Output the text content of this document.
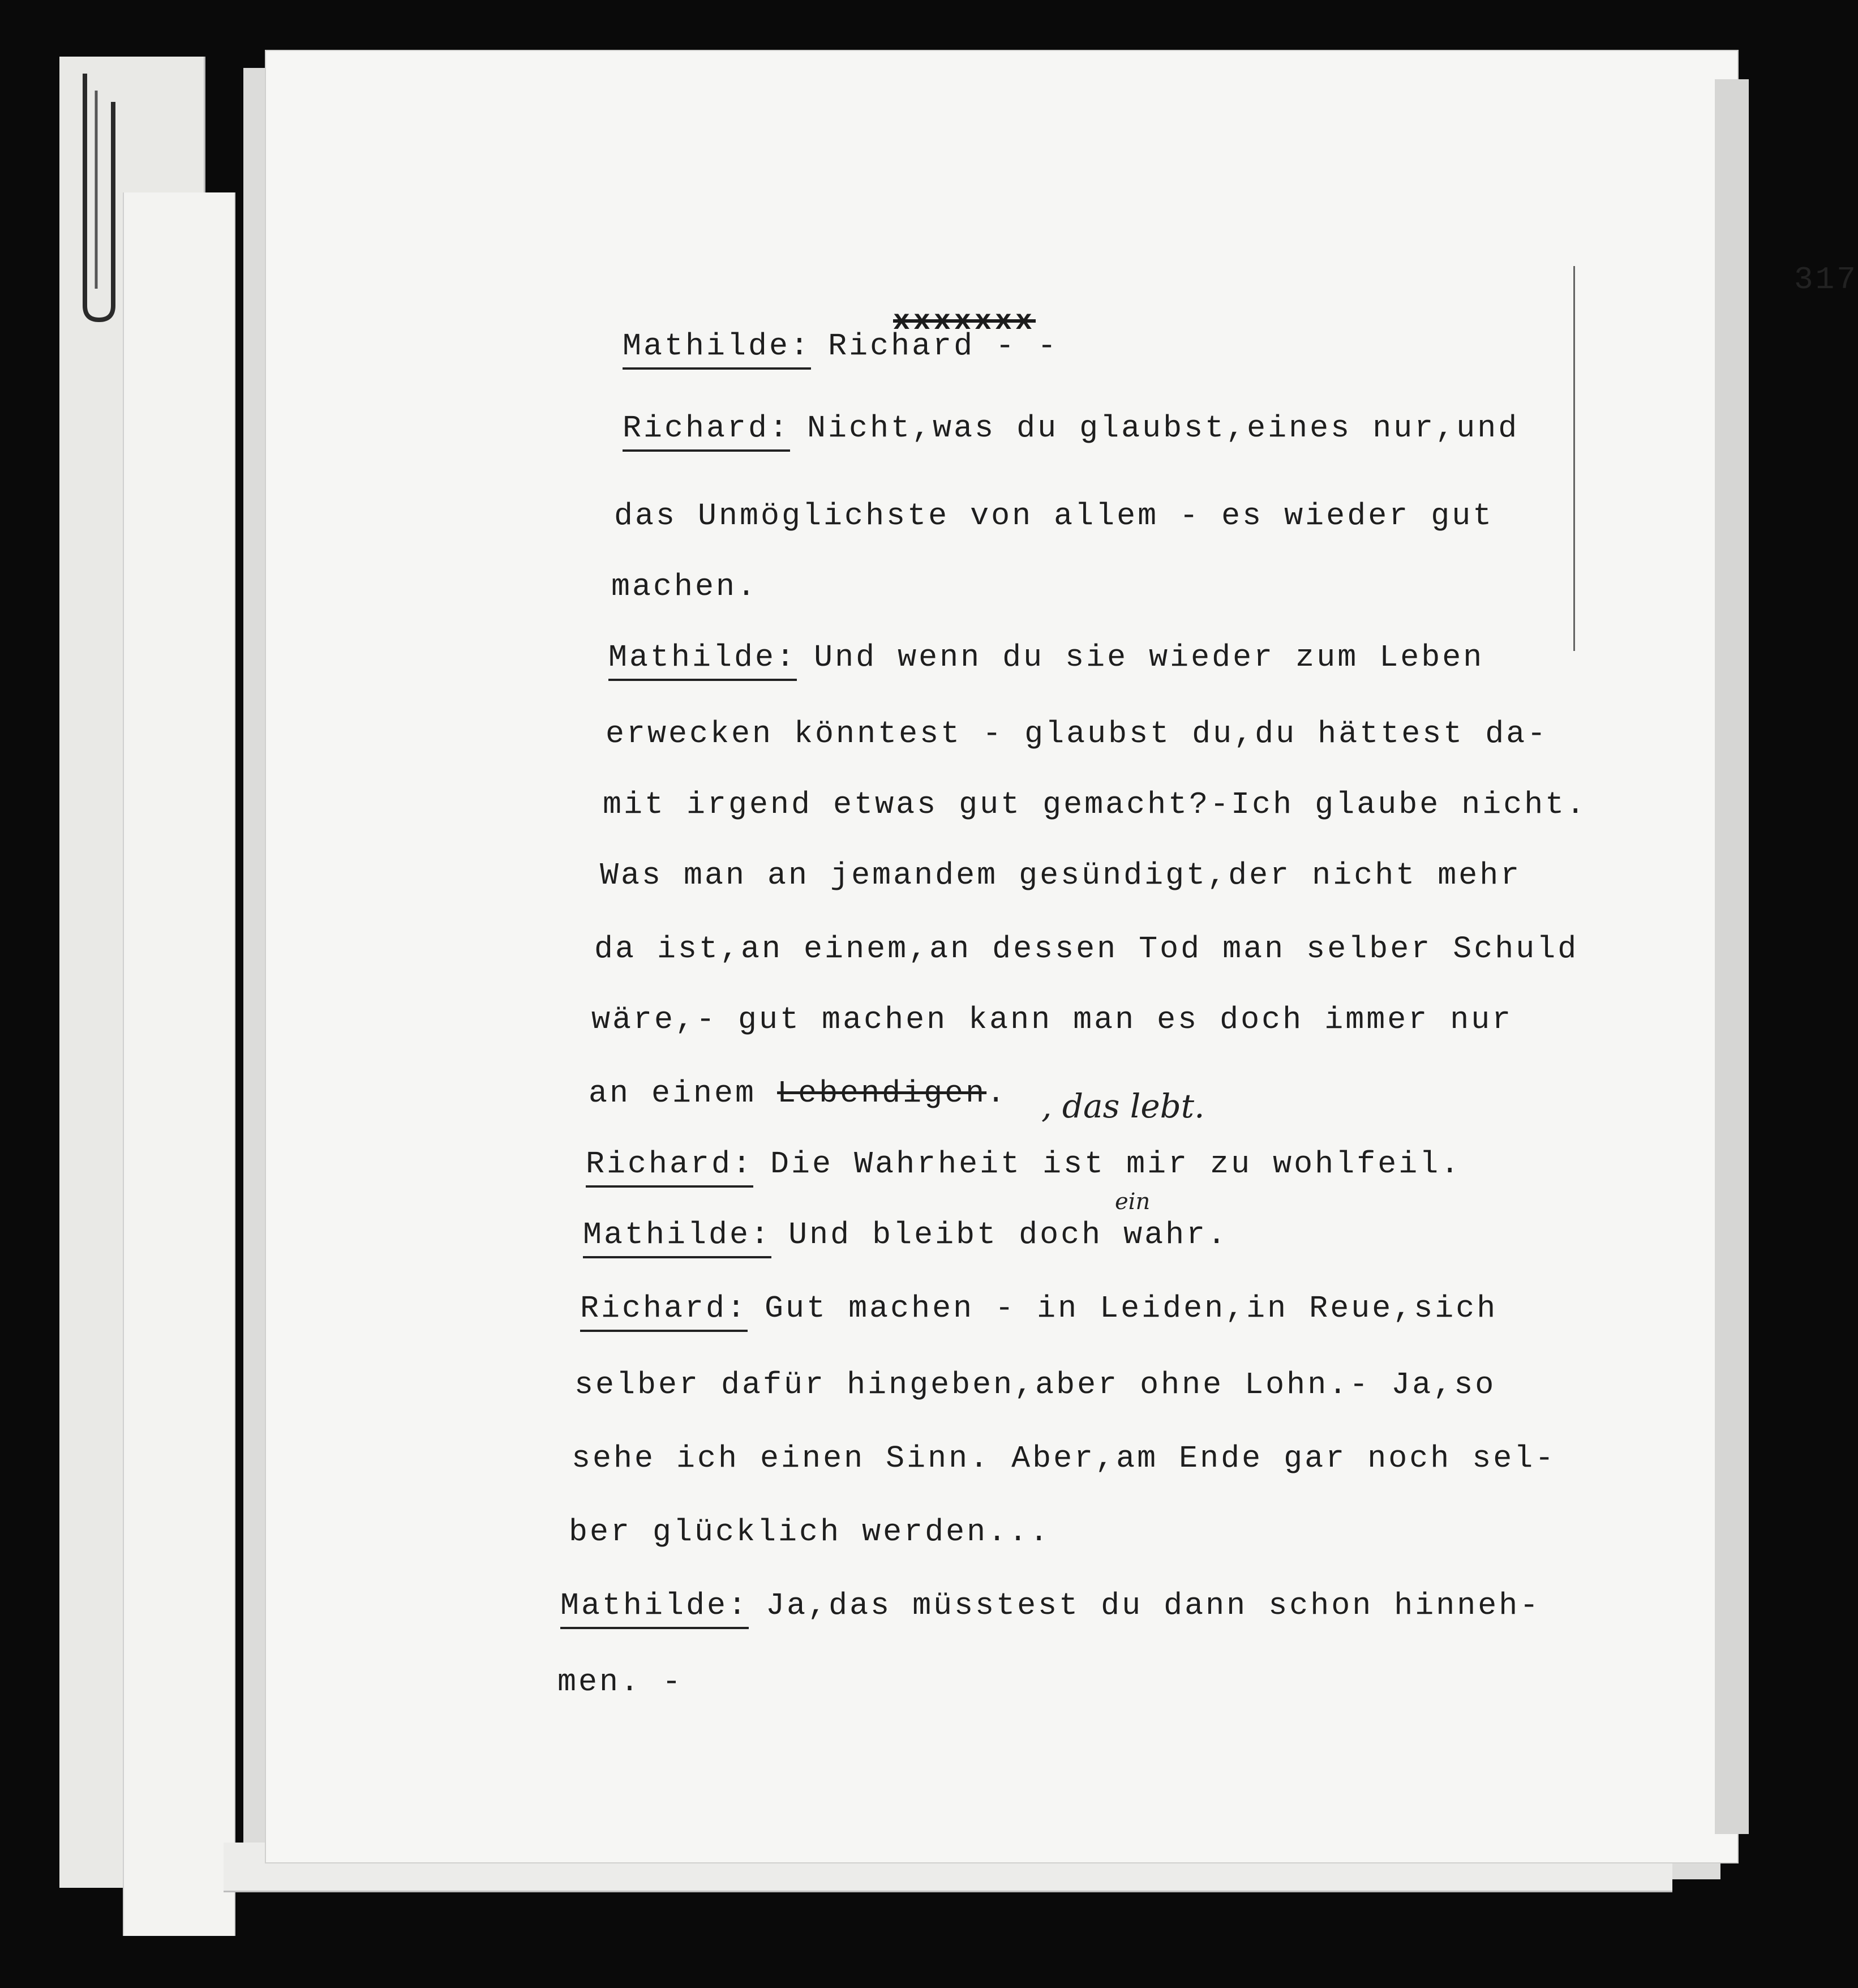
317
xxxxxxx
Mathilde: Richard - -
Richard: Nicht,was du glaubst,eines nur,und
das Unmöglichste von allem - es wieder gut
machen.
Mathilde: Und wenn du sie wieder zum Leben
erwecken könntest - glaubst du,du hättest da-
mit irgend etwas gut gemacht?-Ich glaube nicht.
Was man an jemandem gesündigt,der nicht mehr
da ist,an einem,an dessen Tod man selber Schuld
wäre,- gut machen kann man es doch immer nur
an einem Lebendigen. , das lebt.
Richard: Die Wahrheit ist mir zu wohlfeil.
ein
Mathilde: Und bleibt doch wahr.
Richard: Gut machen - in Leiden,in Reue,sich
selber dafür hingeben,aber ohne Lohn.- Ja,so
sehe ich einen Sinn. Aber,am Ende gar noch sel-
ber glücklich werden...
Mathilde: Ja,das müsstest du dann schon hinneh-
men. -
